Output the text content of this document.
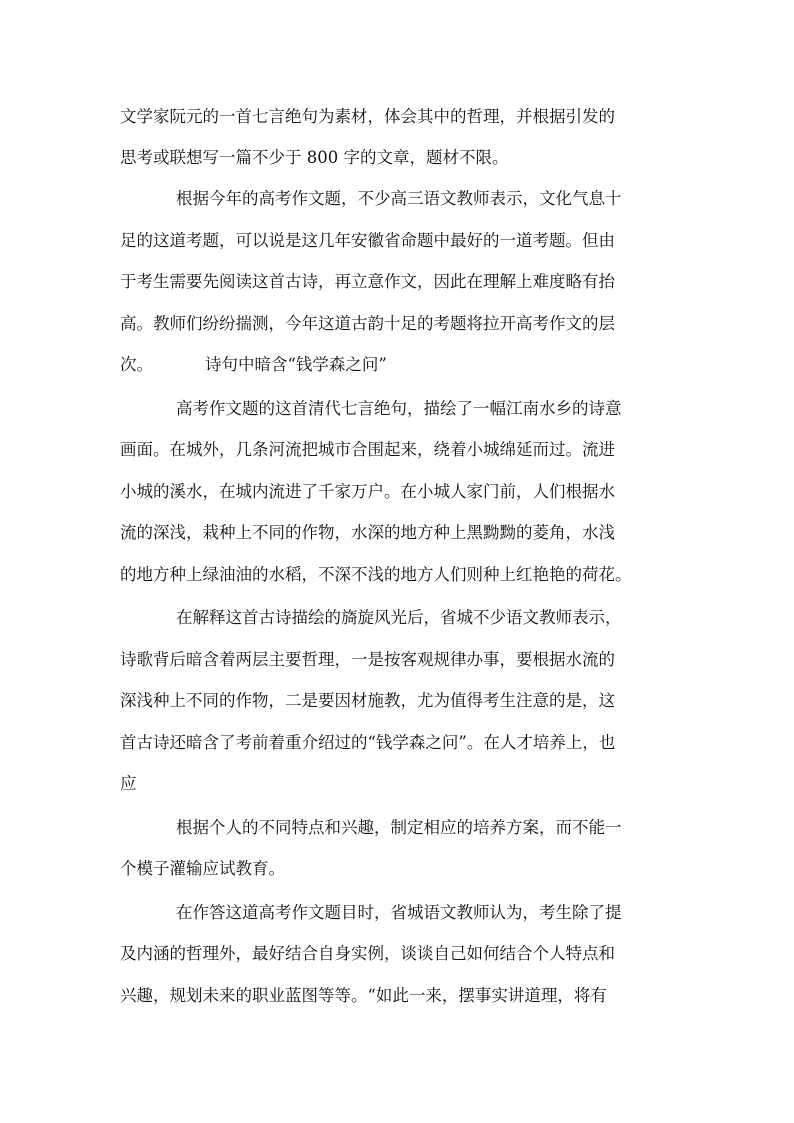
文学家阮元的一首七言绝句为素材，体会其中的哲理，并根据引发的
思考或联想写一篇不少于 800 字的文章，题材不限。
根据今年的高考作文题，不少高三语文教师表示，文化气息十
足的这道考题，可以说是这几年安徽省命题中最好的一道考题。但由
于考生需要先阅读这首古诗，再立意作文，因此在理解上难度略有抬
高。教师们纷纷揣测，今年这道古韵十足的考题将拉开高考作文的层
次。	诗句中暗含“钱学森之问”
高考作文题的这首清代七言绝句，描绘了一幅江南水乡的诗意
画面。在城外，几条河流把城市合围起来，绕着小城绵延而过。流进
小城的溪水，在城内流进了千家万户。在小城人家门前，人们根据水
流的深浅，栽种上不同的作物，水深的地方种上黑黝黝的菱角，水浅
的地方种上绿油油的水稻，不深不浅的地方人们则种上红艳艳的荷花。
在解释这首古诗描绘的旖旋风光后，省城不少语文教师表示，
诗歌背后暗含着两层主要哲理，一是按客观规律办事，要根据水流的
深浅种上不同的作物，二是要因材施教，尤为值得考生注意的是，这
首古诗还暗含了考前着重介绍过的“钱学森之问”。在人才培养上，也
应
根据个人的不同特点和兴趣，制定相应的培养方案，而不能一
个模子灌输应试教育。
在作答这道高考作文题目时，省城语文教师认为，考生除了提
及内涵的哲理外，最好结合自身实例，谈谈自己如何结合个人特点和
兴趣，规划未来的职业蓝图等等。“如此一来，摆事实讲道理，将有
